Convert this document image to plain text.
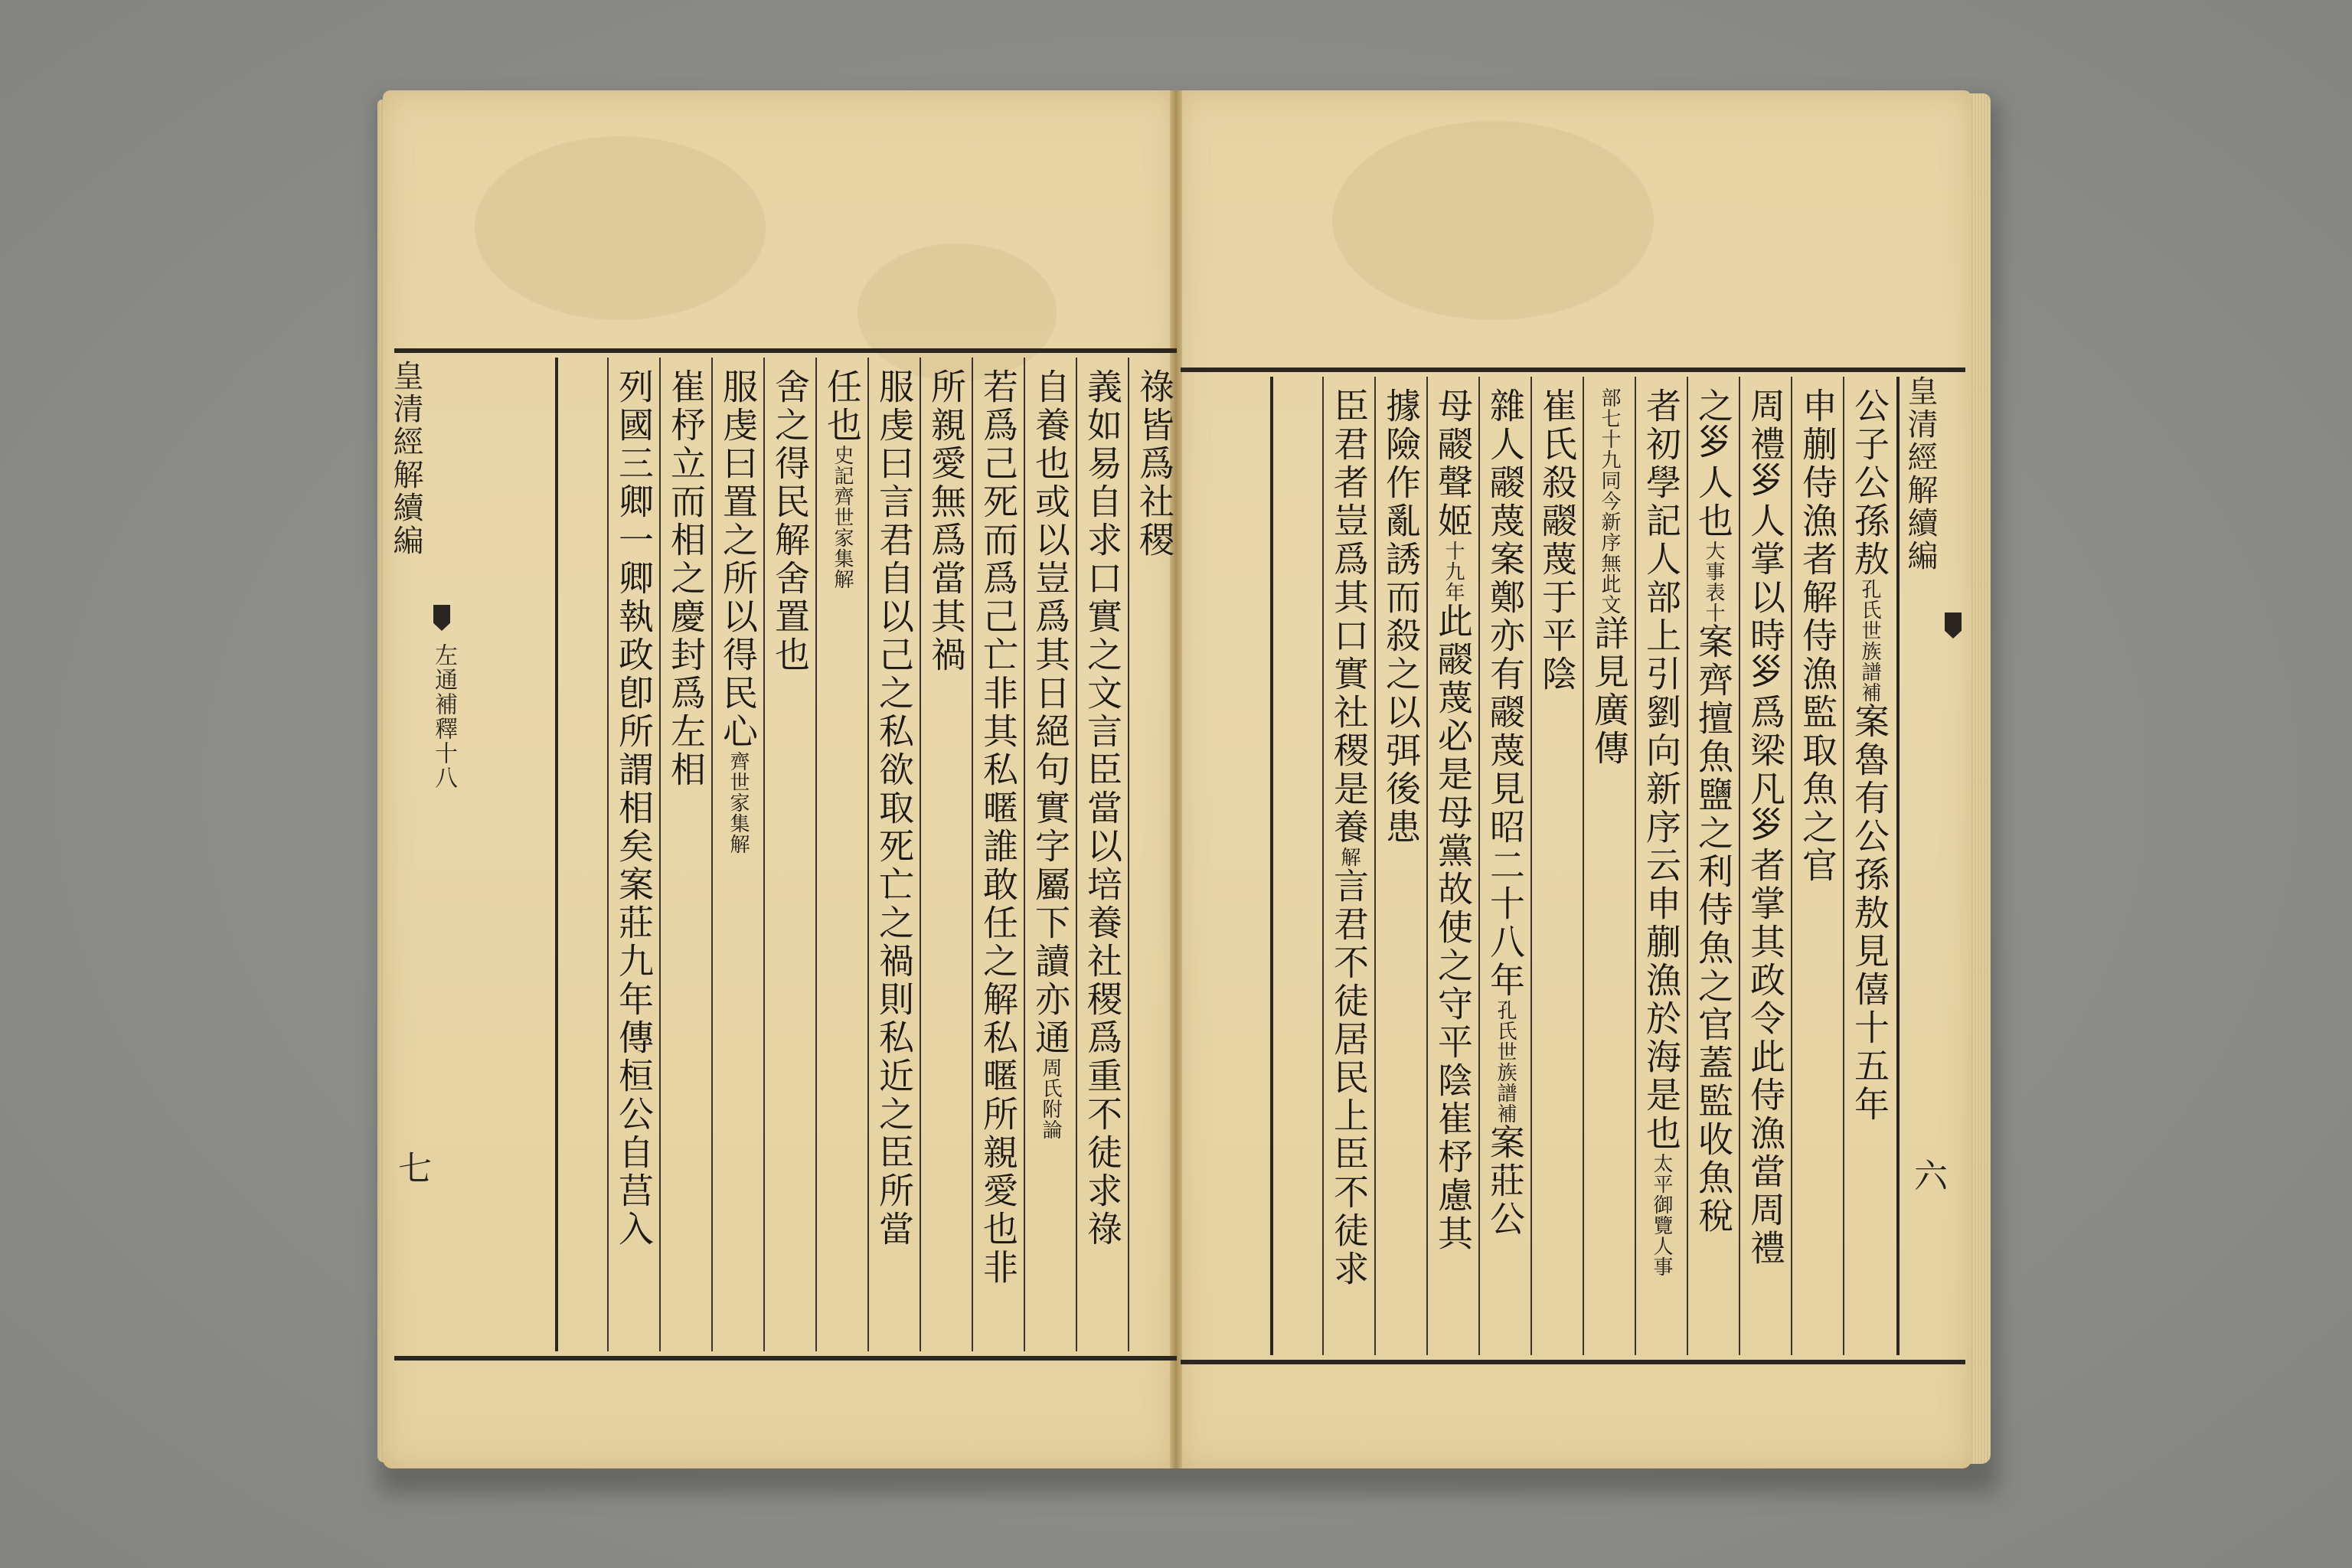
祿皆爲社稷
義如易自求口實之文言臣當以培養社稷爲重不徒求祿
自養也或以豈爲其日絕句實字屬下讀亦通周氏附論
若爲己死而爲己亡非其私暱誰敢任之解私暱所親愛也非
所親愛無爲當其禍
服虔曰言君自以己之私欲取死亡之禍則私近之臣所當
任也史記齊世家集解
舍之得民解舍置也
服虔曰置之所以得民心齊世家集解
崔杼立而相之慶封爲左相
列國三卿一卿執政卽所謂相矣案莊九年傳桓公自莒入
皇清經解續編
左通補釋十八
七
公子公孫敖孔氏世族譜補案魯有公孫敖見僖十五年
申蒯侍漁者解侍漁監取魚之官
周禮𡿪人掌以時𡿪爲梁凡𡿪者掌其政令此侍漁當周禮
之𡿪人也大事表十案齊擅魚鹽之利侍魚之官蓋監收魚稅
者初學記人部上引劉向新序云申蒯漁於海是也太平御覽人事
部七十九同今新序無此文詳見廣傳
崔氏殺鬷蔑于平陰
雜人鬷蔑案鄭亦有鬷蔑見昭二十八年孔氏世族譜補案莊公
母鬷聲姬十九年此鬷蔑必是母黨故使之守平陰崔杼慮其
據險作亂誘而殺之以弭後患
臣君者豈爲其口實社稷是養解言君不徒居民上臣不徒求
皇清經解續編
六
